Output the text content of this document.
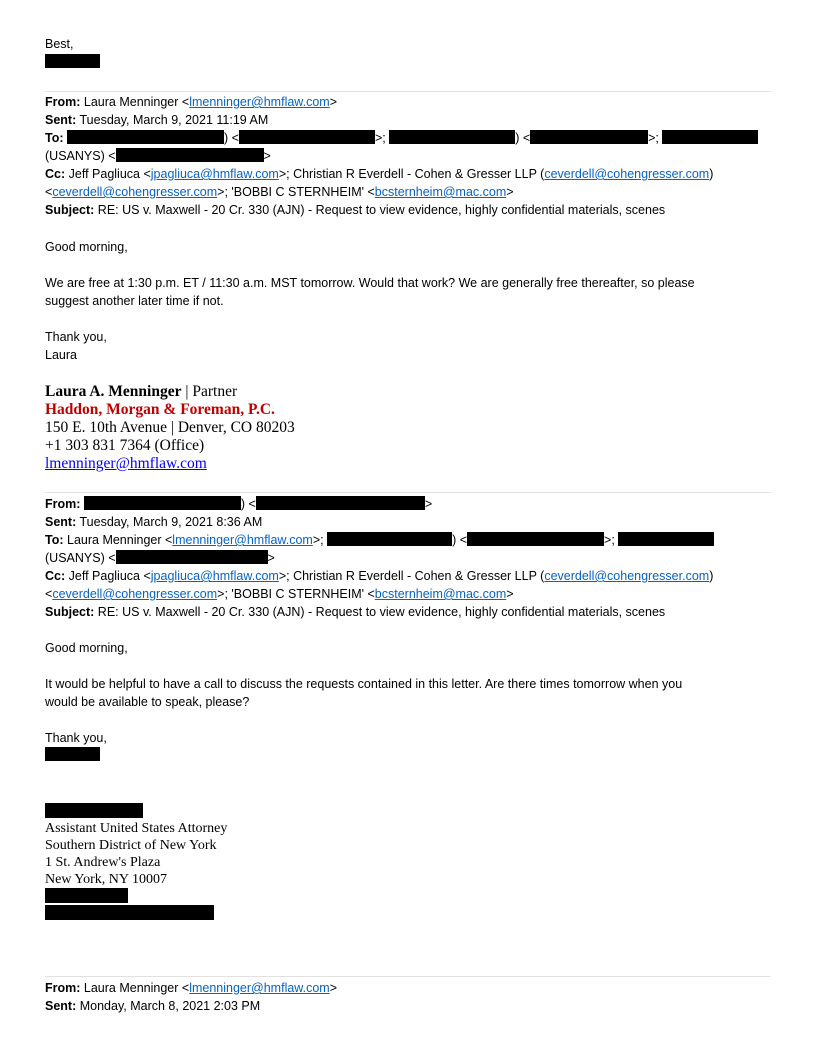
Best,
From: Laura Menninger <lmenninger@hmflaw.com>
Sent: Tuesday, March 9, 2021 11:19 AM
To:	) <	>;	) <	>;
(USANYS) <	>
Cc: Jeff Pagliuca <jpagliuca@hmflaw.com>; Christian R Everdell - Cohen & Gresser LLP (ceverdell@cohengresser.com)
<ceverdell@cohengresser.com>; 'BOBBI C STERNHEIM' <bcsternheim@mac.com>
Subject: RE: US v. Maxwell - 20 Cr. 330 (AJN) - Request to view evidence, highly confidential materials, scenes
Good morning,
We are free at 1:30 p.m. ET / 11:30 a.m. MST tomorrow. Would that work? We are generally free thereafter, so please
suggest another later time if not.
Thank you,
Laura
Laura A. Menninger | Partner
Haddon, Morgan & Foreman, P.C.
150 E. 10th Avenue | Denver, CO 80203
+1 303 831 7364 (Office)
lmenninger@hmflaw.com
From:	) <	>
Sent: Tuesday, March 9, 2021 8:36 AM
To: Laura Menninger <lmenninger@hmflaw.com>;	) <	>;
(USANYS) <	>
Cc: Jeff Pagliuca <jpagliuca@hmflaw.com>; Christian R Everdell - Cohen & Gresser LLP (ceverdell@cohengresser.com)
<ceverdell@cohengresser.com>; 'BOBBI C STERNHEIM' <bcsternheim@mac.com>
Subject: RE: US v. Maxwell - 20 Cr. 330 (AJN) - Request to view evidence, highly confidential materials, scenes
Good morning,
It would be helpful to have a call to discuss the requests contained in this letter. Are there times tomorrow when you
would be available to speak, please?
Thank you,
Assistant United States Attorney
Southern District of New York
1 St. Andrew's Plaza
New York, NY 10007
From: Laura Menninger <lmenninger@hmflaw.com>
Sent: Monday, March 8, 2021 2:03 PM
